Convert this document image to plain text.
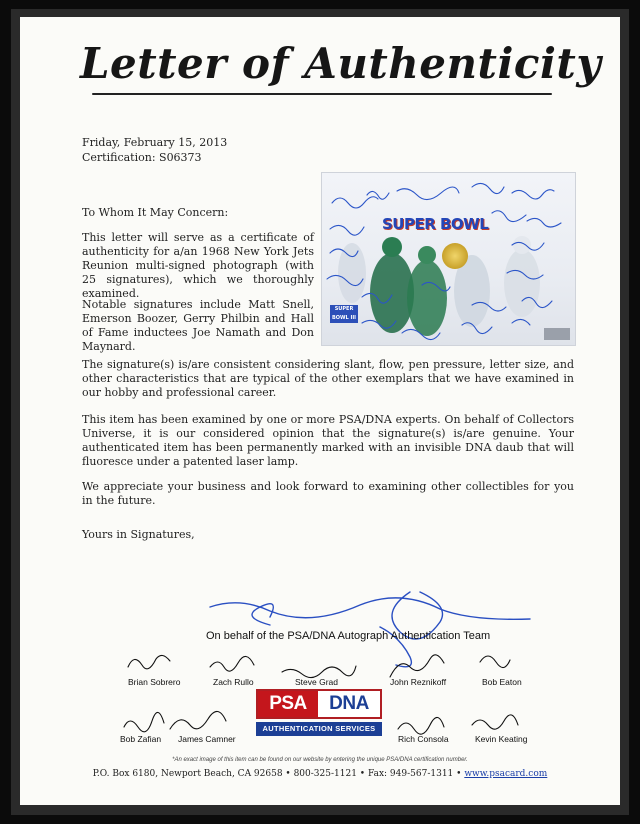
Letter of Authenticity
Friday, February 15, 2013
Certification: S06373
To Whom It May Concern:

This letter will serve as a certificate of authenticity for a/an 1968 New York Jets Reunion multi-signed photograph (with 25 signatures), which we thoroughly examined.

Notable signatures include Matt Snell, Emerson Boozer, Gerry Philbin and Hall of Fame inductees Joe Namath and Don Maynard.

The signature(s) is/are consistent considering slant, flow, pen pressure, letter size, and other characteristics that are typical of the other exemplars that we have examined in our hobby and professional career.

This item has been examined by one or more PSA/DNA experts. On behalf of Collectors Universe, it is our considered opinion that the signature(s) is/are genuine. Your authenticated item has been permanently marked with an invisible DNA daub that will fluoresce under a patented laser lamp.

We appreciate your business and look forward to examining other collectibles for you in the future.

Yours in Signatures,
SUPER BOWL
SUPER BOWL III
On behalf of the PSA/DNA Autograph Authentication Team
Brian Sobrero	Zach Rullo	Steve Grad	John Reznikoff	Bob Eaton
Bob Zafian James Camner	Rich Consola	Kevin Keating
PSA	DNA
AUTHENTICATION SERVICES
*An exact image of this item can be found on our website by entering the unique PSA/DNA certification number.
P.O. Box 6180, Newport Beach, CA 92658 • 800-325-1121 • Fax: 949-567-1311 • www.psacard.com
